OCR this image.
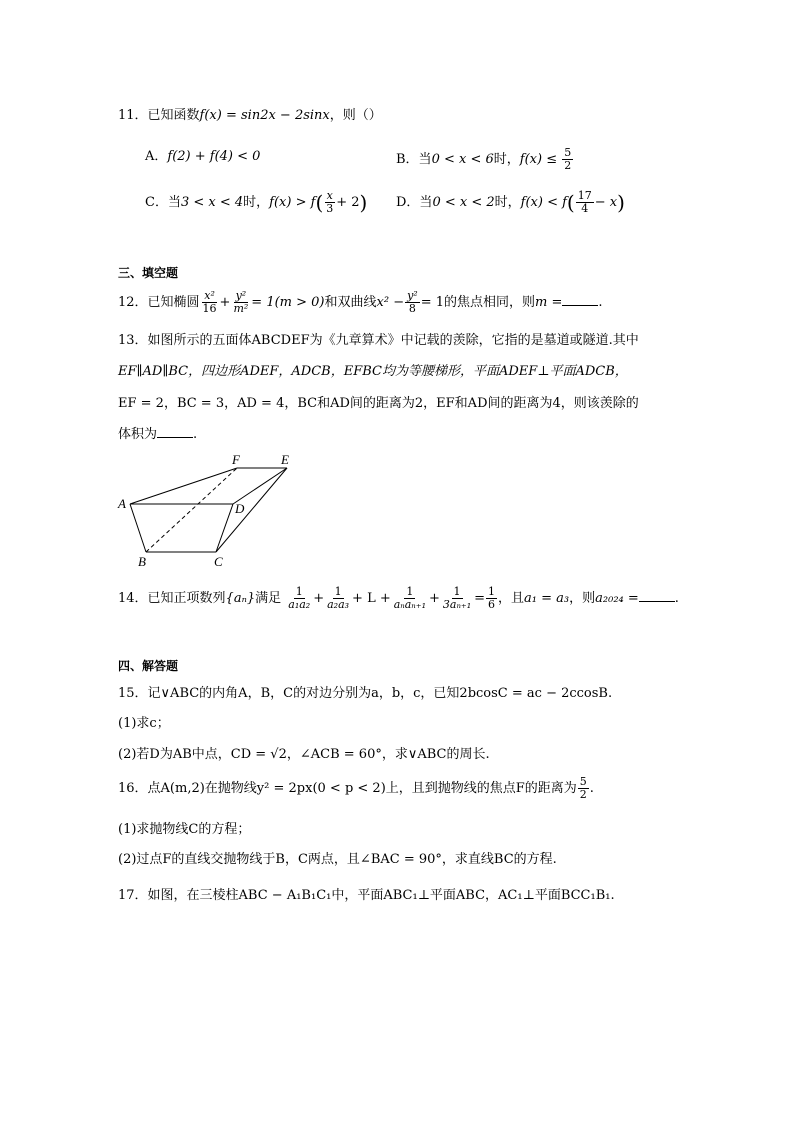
11．已知函数f(x) = sin2x − 2sinx，则（）
A．f(2) + f(4) < 0	B．当0 < x < 6时，$f(x) \le \frac{5}{2}$
C．当3 < x < 4时，$f(x) > f( \frac{x}{3} + 2)$ D．当0 < x < 2时，$f(x) < f( \frac{17}{4} - x)$
三、填空题
12．已知椭圆 $\frac{\text{x²}}{16} + \frac{\text{y²}}{\text{m²}} = 1(m > 0)$和双曲线$x^2 - \frac{\text{y²}}{8} = 1$的焦点相同，则m =	.
13．如图所示的五面体ABCDEF为《九章算术》中记载的羡除，它指的是墓道或隧道.其中
EF∥AD∥BC，四边形ADEF，ADCB，EFBC均为等腰梯形，平面ADEF⊥平面ADCB，
EF = 2，BC = 3，AD = 4，BC和AD间的距离为2，EF和AD间的距离为4，则该羡除的
体积为	.
A
B	C
D
E
F
14．已知正项数列{aₙ}满足 $\frac{1}{\text{a₁a₂}} + \frac{1}{\text{a₂a₃}} + L + \frac{1}{\text{aₙaₙ₊₁}} + \frac{1}{\text{3aₙ₊₁}} = \frac{1}{6}$ ，且a₁ = a₃，则a₂₀₂₄ =	.
四、解答题
15．记∨ABC的内角A，B，C的对边分别为a，b，c，已知2bcosC = ac − 2ccosB.
(1)求c；
(2)若D为AB中点，CD = √2，∠ACB = 60°，求∨ABC的周长.
16．点A(m,2)在抛物线y² = 2px(0 < p < 2)上，且到抛物线的焦点F的距离为 $\frac{5}{2}$ .
(1)求抛物线C的方程；
(2)过点F的直线交抛物线于B，C两点，且∠BAC = 90°，求直线BC的方程.
17．如图，在三棱柱ABC − A₁B₁C₁中，平面ABC₁⊥平面ABC，AC₁⊥平面BCC₁B₁.
